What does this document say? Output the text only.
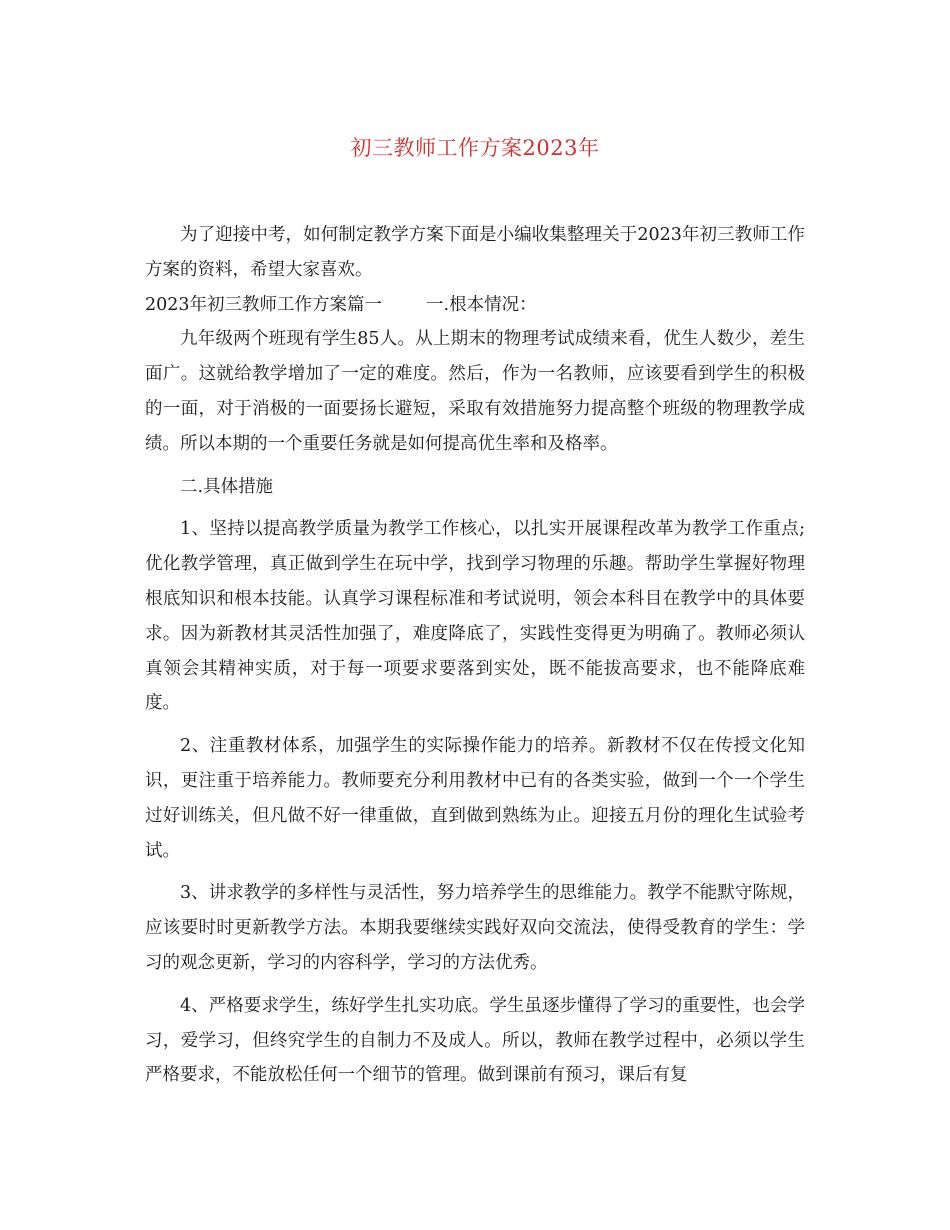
初三教师工作方案2023年

为了迎接中考，如何制定教学方案下面是小编收集整理关于2023年初三教师工作方案的资料，希望大家喜欢。

2023年初三教师工作方案篇一	一.根本情况：

九年级两个班现有学生85人。从上期末的物理考试成绩来看，优生人数少，差生面广。这就给教学增加了一定的难度。然后，作为一名教师，应该要看到学生的积极的一面，对于消极的一面要扬长避短，采取有效措施努力提高整个班级的物理教学成绩。所以本期的一个重要任务就是如何提高优生率和及格率。

二.具体措施

1、坚持以提高教学质量为教学工作核心，以扎实开展课程改革为教学工作重点;优化教学管理，真正做到学生在玩中学，找到学习物理的乐趣。帮助学生掌握好物理根底知识和根本技能。认真学习课程标准和考试说明，领会本科目在教学中的具体要求。因为新教材其灵活性加强了，难度降底了，实践性变得更为明确了。教师必须认真领会其精神实质，对于每一项要求要落到实处，既不能拔高要求，也不能降底难度。

2、注重教材体系，加强学生的实际操作能力的培养。新教材不仅在传授文化知识，更注重于培养能力。教师要充分利用教材中已有的各类实验，做到一个一个学生过好训练关，但凡做不好一律重做，直到做到熟练为止。迎接五月份的理化生试验考试。

3、讲求教学的多样性与灵活性，努力培养学生的思维能力。教学不能默守陈规，应该要时时更新教学方法。本期我要继续实践好双向交流法，使得受教育的学生：学习的观念更新，学习的内容科学，学习的方法优秀。

4、严格要求学生，练好学生扎实功底。学生虽逐步懂得了学习的重要性，也会学习，爱学习，但终究学生的自制力不及成人。所以，教师在教学过程中，必须以学生严格要求，不能放松任何一个细节的管理。做到课前有预习，课后有复
